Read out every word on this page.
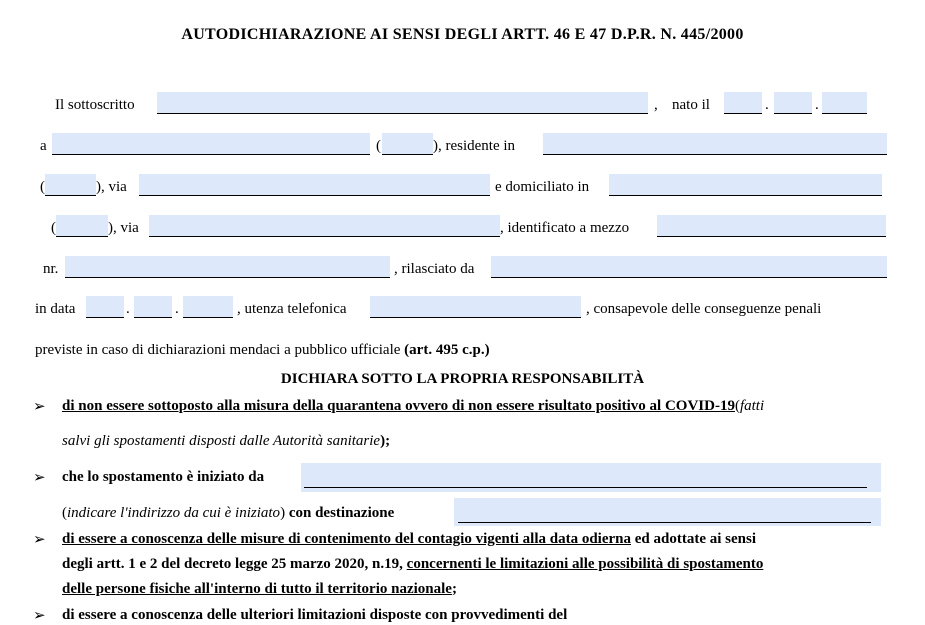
AUTODICHIARAZIONE AI SENSI DEGLI ARTT. 46 E 47 D.P.R. N. 445/2000
Il sottoscritto	, nato il	.	.
a	(	), residente in
(	), via	e domiciliato in
(	), via	, identificato a mezzo
nr.	, rilasciato da
in data	.	.	, utenza telefonica	, consapevole delle conseguenze penali
previste in caso di dichiarazioni mendaci a pubblico ufficiale (art. 495 c.p.)
DICHIARA SOTTO LA PROPRIA RESPONSABILITÀ
➢ di non essere sottoposto alla misura della quarantena ovvero di non essere risultato positivo al COVID-19(fatti
salvi gli spostamenti disposti dalle Autorità sanitarie);
➢ che lo spostamento è iniziato da
(indicare l'indirizzo da cui è iniziato) con destinazione
➢ di essere a conoscenza delle misure di contenimento del contagio vigenti alla data odierna ed adottate ai sensi
degli artt. 1 e 2 del decreto legge 25 marzo 2020, n.19, concernenti le limitazioni alle possibilità di spostamento
delle persone fisiche all'interno di tutto il territorio nazionale;
➢ di essere a conoscenza delle ulteriori limitazioni disposte con provvedimenti del
